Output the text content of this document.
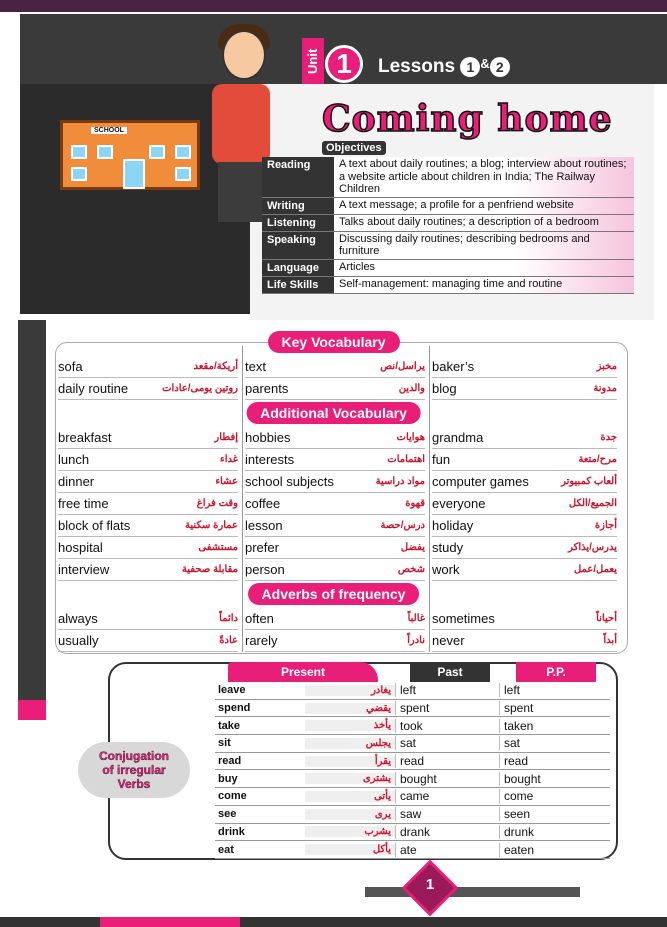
SCHOOL
Unit 1	Lessons 1 & 2
Coming home
Objectives
Reading	A text about daily routines; a blog; interview about routines; a website article about children in India; The Railway Children
Writing	A text message; a profile for a penfriend website
Listening	Talks about daily routines; a description of a bedroom
Speaking	Discussing daily routines; describing bedrooms and furniture
Language	Articles
Life Skills	Self-management: managing time and routine
Key Vocabulary
sofa	أريكة/مقعد text	يراسل/نص baker’s	مخبز
daily routine	روتين يومى/عادات parents	والدين blog	مدونة
Additional Vocabulary
breakfast	إفطار hobbies	هوايات grandma	جدة
lunch	غداء interests	اهتمامات fun	مرح/متعة
dinner	عشاء school subjects	مواد دراسية computer games	ألعاب كمبيوتر
free time	وقت فراغ coffee	قهوة everyone	الجميع/الكل
block of flats	عمارة سكنية lesson	درس/حصة holiday	أجازة
hospital	مستشفى prefer	يفضل study	يدرس/يذاكر
interview	مقابلة صحفية person	شخص work	يعمل/عمل
Adverbs of frequency
always	دائماً often	غالباً sometimes	أحياناً
usually	عادةً rarely	نادراً never	أبداً
Present	Past	P.P.
leave	يغادر left	left
spend	يقضي spent	spent
take	يأخذ took	taken
sit	يجلس sat	sat
read	يقرأ read	read
buy	يشترى bought	bought
come	يأتى came	come
see	يرى saw	seen
drink	يشرب drank	drunk
eat	يأكل ate	eaten
Conjugation
of irregular
Verbs
1
